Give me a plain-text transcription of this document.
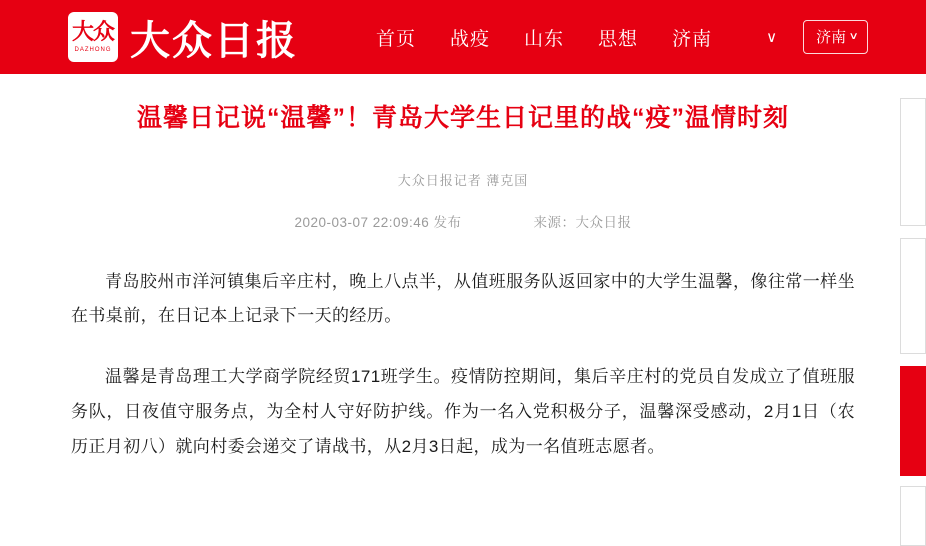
大众
DAZHONG 大众日报	首页 战疫 山东 思想 济南	∨	济南 ∨
温馨日记说“温馨”！青岛大学生日记里的战“疫”温情时刻
大众日报记者 薄克国
2020-03-07 22:09:46 发布	来源：大众日报

青岛胶州市洋河镇集后辛庄村，晚上八点半，从值班服务队返回家中的大学生温馨，像往常一样坐在书桌前，在日记本上记录下一天的经历。

温馨是青岛理工大学商学院经贸171班学生。疫情防控期间，集后辛庄村的党员自发成立了值班服务队，日夜值守服务点，为全村人守好防护线。作为一名入党积极分子，温馨深受感动，2月1日（农历正月初八）就向村委会递交了请战书，从2月3日起，成为一名值班志愿者。
